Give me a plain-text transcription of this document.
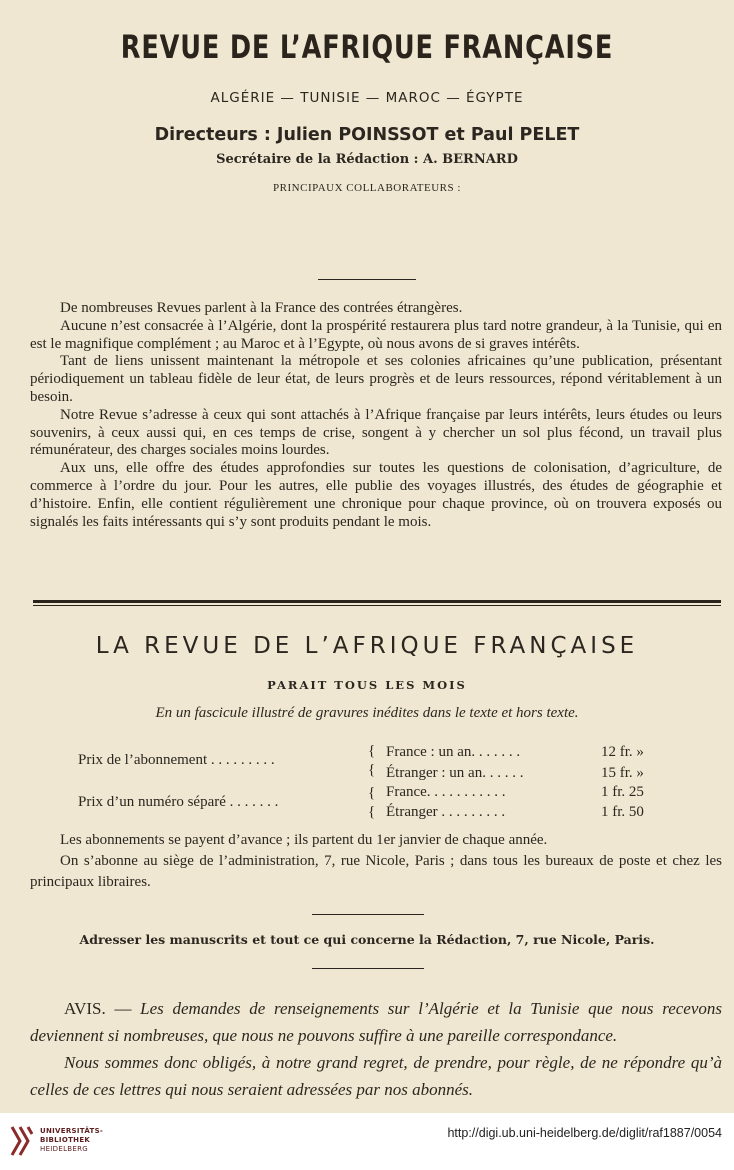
REVUE DE L’AFRIQUE FRANÇAISE
ALGÉRIE — TUNISIE — MAROC — ÉGYPTE
Directeurs : Julien POINSSOT et Paul PELET
Secrétaire de la Rédaction : A. BERNARD
PRINCIPAUX COLLABORATEURS :

De nombreuses Revues parlent à la France des contrées étrangères.

Aucune n’est consacrée à l’Algérie, dont la prospérité restaurera plus tard notre grandeur, à la Tunisie, qui en est le magnifique complément ; au Maroc et à l’Egypte, où nous avons de si graves intérêts.

Tant de liens unissent maintenant la métropole et ses colonies africaines qu’une publication, présentant périodiquement un tableau fidèle de leur état, de leurs progrès et de leurs ressources, répond véritablement à un besoin.

Notre Revue s’adresse à ceux qui sont attachés à l’Afrique française par leurs intérêts, leurs études ou leurs souvenirs, à ceux aussi qui, en ces temps de crise, songent à y chercher un sol plus fécond, un travail plus rémunérateur, des charges sociales moins lourdes.

Aux uns, elle offre des études approfondies sur toutes les questions de colonisation, d’agriculture, de commerce à l’ordre du jour. Pour les autres, elle publie des voyages illustrés, des études de géographie et d’histoire. Enfin, elle contient régulièrement une chronique pour chaque province, où on trouvera exposés ou signalés les faits intéressants qui s’y sont produits pendant le mois.

LA REVUE DE L’AFRIQUE FRANÇAISE
PARAIT TOUS LES MOIS
En un fascicule illustré de gravures inédites dans le texte et hors texte.
Prix de l’abonnement . . . . . . . . .
{
{
France : un an. . . . . . .	12 fr. »
Étranger : un an. . . . . .	15 fr. »
Prix d’un numéro séparé . . . . . . .
{
{
France. . . . . . . . . . .	1 fr. 25
Étranger . . . . . . . . .	1 fr. 50

Les abonnements se payent d’avance ; ils partent du 1er janvier de chaque année.

On s’abonne au siège de l’administration, 7, rue Nicole, Paris ; dans tous les bureaux de poste et chez les principaux libraires.

Adresser les manuscrits et tout ce qui concerne la Rédaction, 7, rue Nicole, Paris.

AVIS. — Les demandes de renseignements sur l’Algérie et la Tunisie que nous recevons deviennent si nombreuses, que nous ne pouvons suffire à une pareille correspondance.

Nous sommes donc obligés, à notre grand regret, de prendre, pour règle, de ne répondre qu’à celles de ces lettres qui nous seraient adressées par nos abonnés.

UNIVERSITÄTS-
BIBLIOTHEK
HEIDELBERG
http://digi.ub.uni-heidelberg.de/diglit/raf1887/0054
